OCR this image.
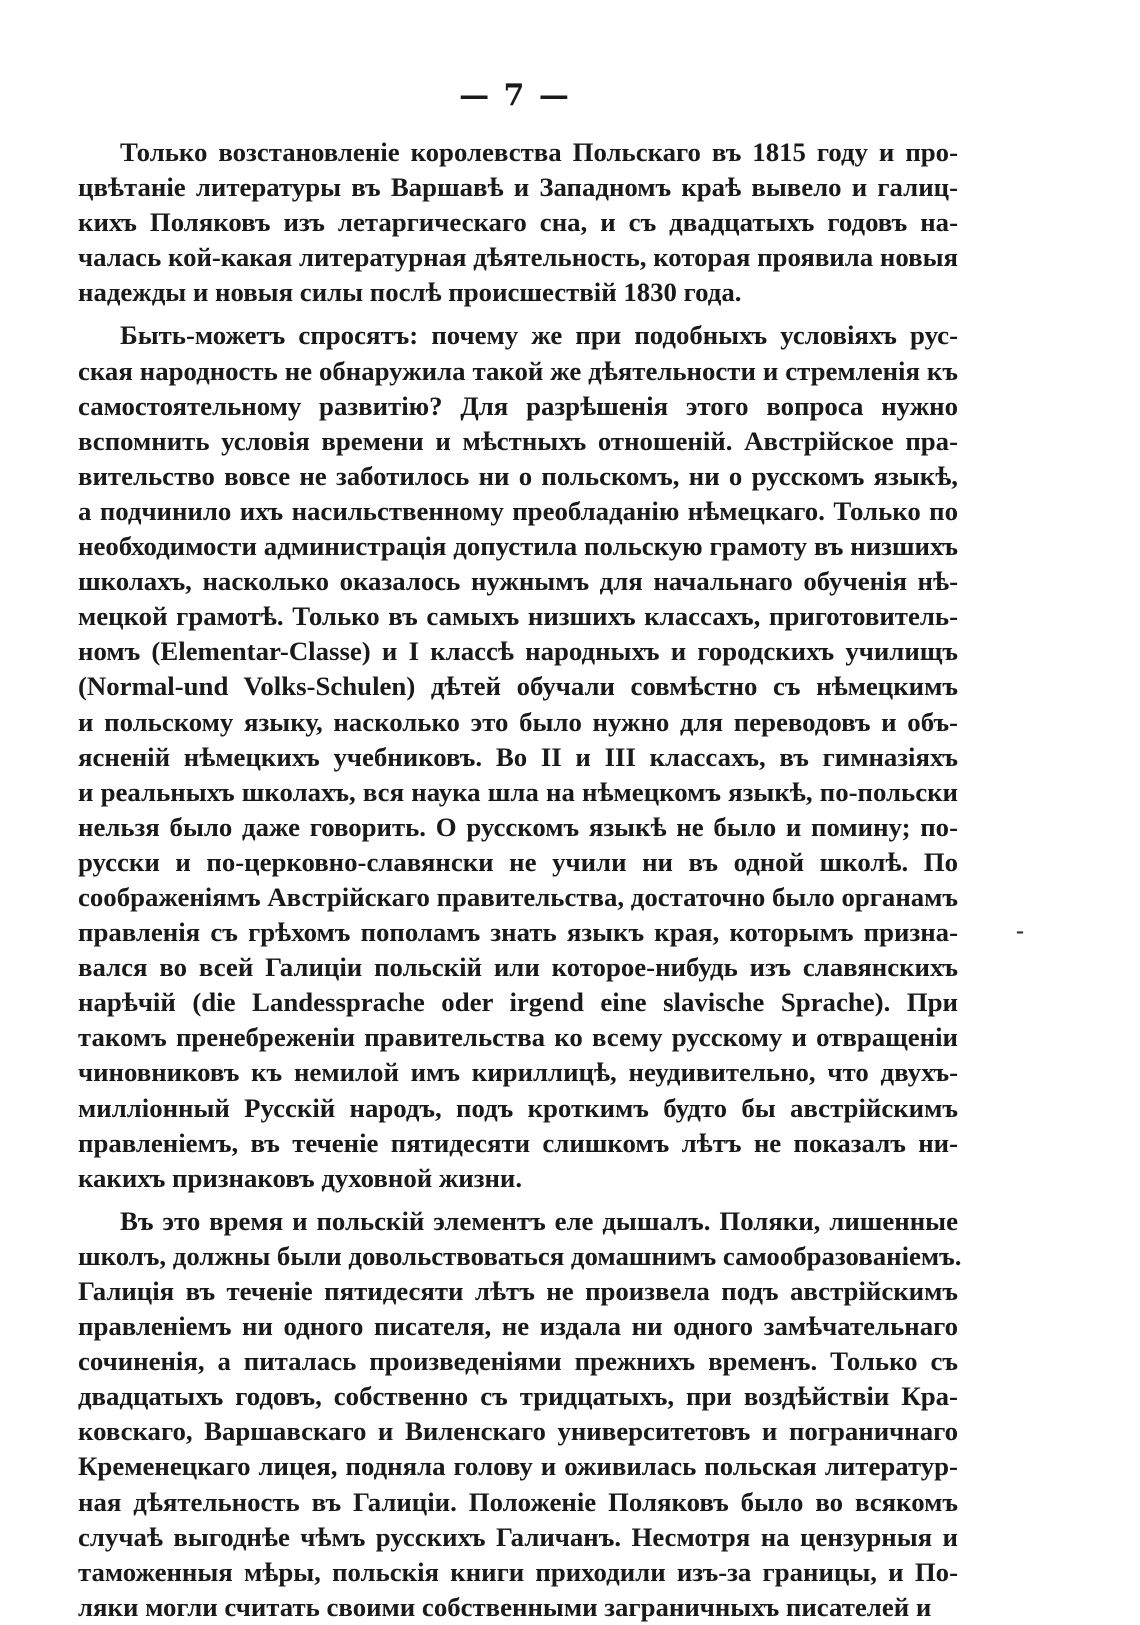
— 7 —
Только возстановленіе королевства Польскаго въ 1815 году и про-
цвѣтаніе литературы въ Варшавѣ и Западномъ краѣ вывело и галиц-
кихъ Поляковъ изъ летаргическаго сна, и съ двадцатыхъ годовъ на-
чалась кой-какая литературная дѣятельность, которая проявила новыя
надежды и новыя силы послѣ происшествій 1830 года.
Быть-можетъ спросятъ: почему же при подобныхъ условіяхъ рус-
ская народность не обнаружила такой же дѣятельности и стремленія къ
самостоятельному развитію? Для разрѣшенія этого вопроса нужно
вспомнить условія времени и мѣстныхъ отношеній. Австрійское пра-
вительство вовсе не заботилось ни о польскомъ, ни о русскомъ языкѣ,
а подчинило ихъ насильственному преобладанію нѣмецкаго. Только по
необходимости администрація допустила польскую грамоту въ низшихъ
школахъ, насколько оказалось нужнымъ для начальнаго обученія нѣ-
мецкой грамотѣ. Только въ самыхъ низшихъ классахъ, приготовитель-
номъ (Elementar-Classe) и I классѣ народныхъ и городскихъ училищъ
(Normal-und Volks-Schulen) дѣтей обучали совмѣстно съ нѣмецкимъ
и польскому языку, насколько это было нужно для переводовъ и объ-
ясненій нѣмецкихъ учебниковъ. Во II и III классахъ, въ гимназіяхъ
и реальныхъ школахъ, вся наука шла на нѣмецкомъ языкѣ, по-польски
нельзя было даже говорить. О русскомъ языкѣ не было и помину; по-
русски и по-церковно-славянски не учили ни въ одной школѣ. По
соображеніямъ Австрійскаго правительства, достаточно было органамъ
правленія съ грѣхомъ пополамъ знать языкъ края, которымъ призна-
вался во всей Галиціи польскій или которое-нибудь изъ славянскихъ
нарѣчій (die Landessprache oder irgend eine slavische Sprache). При
такомъ пренебреженіи правительства ко всему русскому и отвращеніи
чиновниковъ къ немилой имъ кириллицѣ, неудивительно, что двухъ-
милліонный Русскій народъ, подъ кроткимъ будто бы австрійскимъ
правленіемъ, въ теченіе пятидесяти слишкомъ лѣтъ не показалъ ни-
какихъ признаковъ духовной жизни.
Въ это время и польскій элементъ еле дышалъ. Поляки, лишенные
школъ, должны были довольствоваться домашнимъ самообразованіемъ.
Галиція въ теченіе пятидесяти лѣтъ не произвела подъ австрійскимъ
правленіемъ ни одного писателя, не издала ни одного замѣчательнаго
сочиненія, а питалась произведеніями прежнихъ временъ. Только съ
двадцатыхъ годовъ, собственно съ тридцатыхъ, при воздѣйствіи Кра-
ковскаго, Варшавскаго и Виленскаго университетовъ и пограничнаго
Кременецкаго лицея, подняла голову и оживилась польская литератур-
ная дѣятельность въ Галиціи. Положеніе Поляковъ было во всякомъ
случаѣ выгоднѣе чѣмъ русскихъ Галичанъ. Несмотря на цензурныя и
таможенныя мѣры, польскія книги приходили изъ-за границы, и По-
ляки могли считать своими собственными заграничныхъ писателей и
-
